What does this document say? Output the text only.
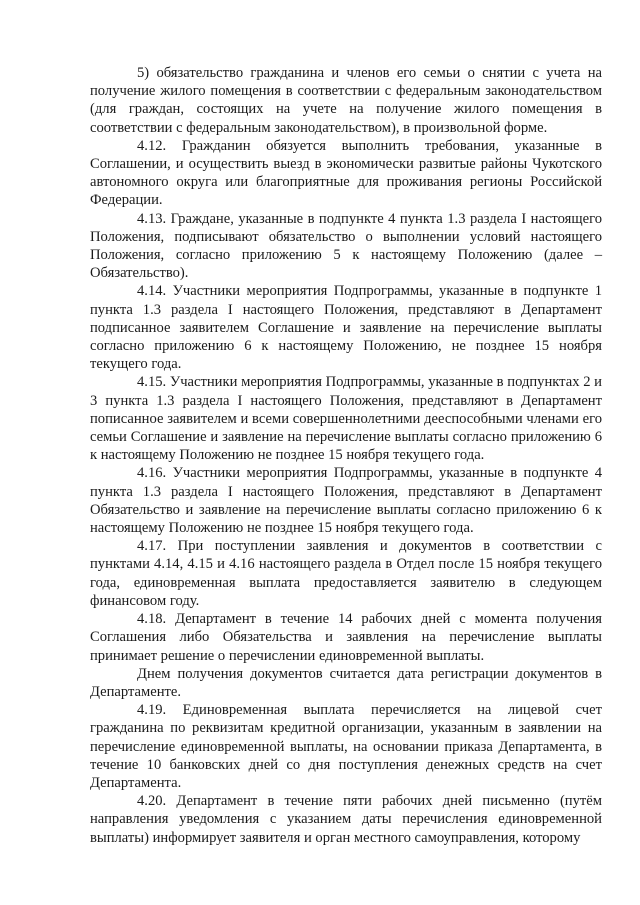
5) обязательство гражданина и членов его семьи о снятии с учета на получение жилого помещения в соответствии с федеральным законодательством (для граждан, состоящих на учете на получение жилого помещения в соответствии с федеральным законодательством), в произвольной форме.

4.12. Гражданин обязуется выполнить требования, указанные в Соглашении, и осуществить выезд в экономически развитые районы Чукотского автономного округа или благоприятные для проживания регионы Российской Федерации.

4.13. Граждане, указанные в подпункте 4 пункта 1.3 раздела I настоящего Положения, подписывают обязательство о выполнении условий настоящего Положения, согласно приложению 5 к настоящему Положению (далее – Обязательство).

4.14. Участники мероприятия Подпрограммы, указанные в подпункте 1 пункта 1.3 раздела I настоящего Положения, представляют в Департамент подписанное заявителем Соглашение и заявление на перечисление выплаты согласно приложению 6 к настоящему Положению, не позднее 15 ноября текущего года.

4.15. Участники мероприятия Подпрограммы, указанные в подпунктах 2 и 3 пункта 1.3 раздела I настоящего Положения, представляют в Департамент пописанное заявителем и всеми совершеннолетними дееспособными членами его семьи Соглашение и заявление на перечисление выплаты согласно приложению 6 к настоящему Положению не позднее 15 ноября текущего года.

4.16. Участники мероприятия Подпрограммы, указанные в подпункте 4 пункта 1.3 раздела I настоящего Положения, представляют в Департамент Обязательство и заявление на перечисление выплаты согласно приложению 6 к настоящему Положению не позднее 15 ноября текущего года.

4.17. При поступлении заявления и документов в соответствии с пунктами 4.14, 4.15 и 4.16 настоящего раздела в Отдел после 15 ноября текущего года, единовременная выплата предоставляется заявителю в следующем финансовом году.

4.18. Департамент в течение 14 рабочих дней с момента получения Соглашения либо Обязательства и заявления на перечисление выплаты принимает решение о перечислении единовременной выплаты.

Днем получения документов считается дата регистрации документов в Департаменте.

4.19. Единовременная выплата перечисляется на лицевой счет гражданина по реквизитам кредитной организации, указанным в заявлении на перечисление единовременной выплаты, на основании приказа Департамента, в течение 10 банковских дней со дня поступления денежных средств на счет Департамента.

4.20. Департамент в течение пяти рабочих дней письменно (путём направления уведомления с указанием даты перечисления единовременной выплаты) информирует заявителя и орган местного самоуправления, которому
